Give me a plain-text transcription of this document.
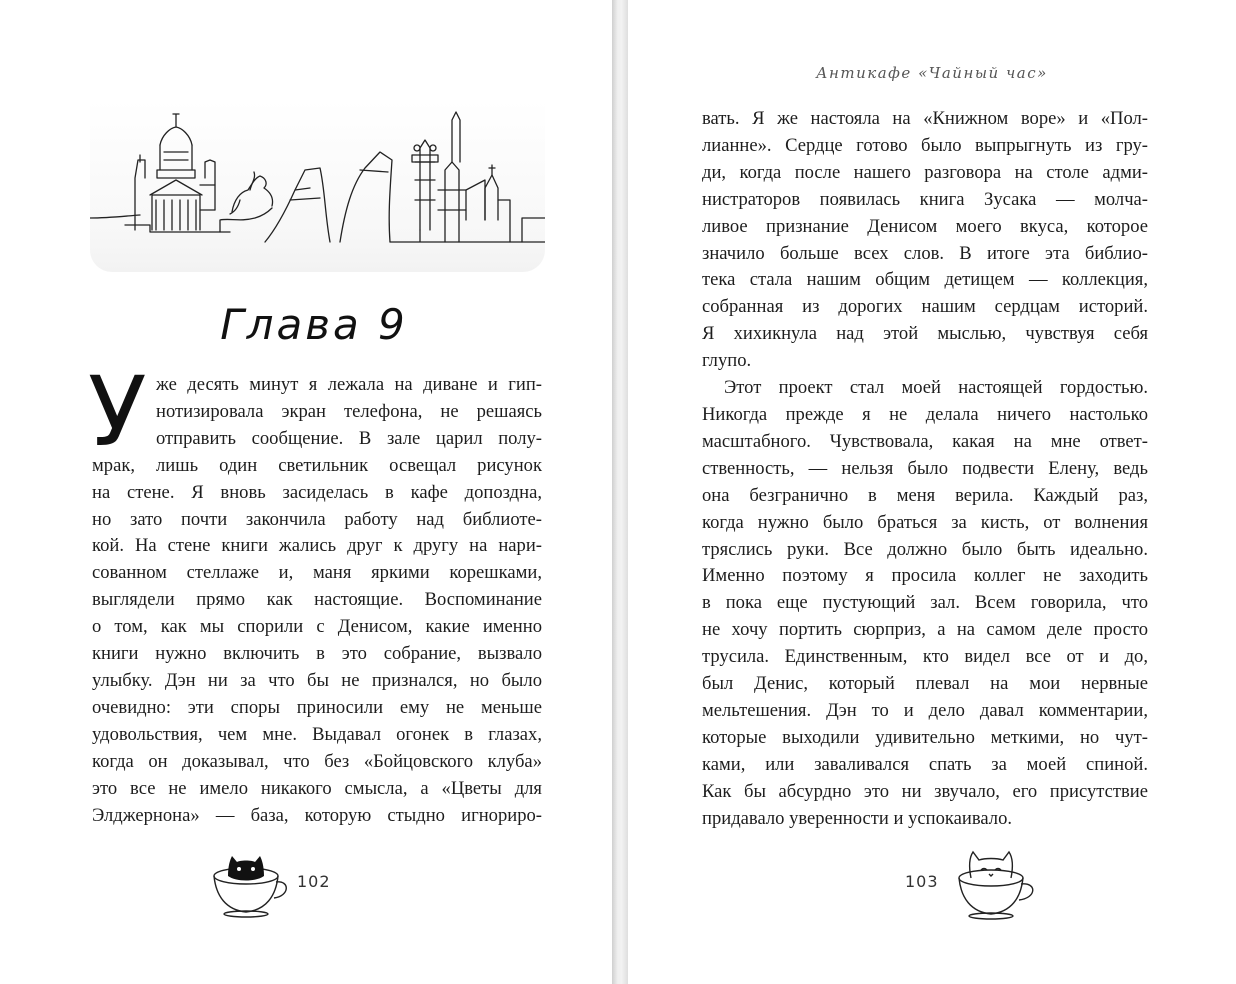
Глава 9
У же десять минут я лежала на диване и гип-
нотизировала экран телефона, не решаясь
отправить сообщение. В зале царил полу-
мрак, лишь один светильник освещал рисунок
на стене. Я вновь засиделась в кафе допоздна,
но зато почти закончила работу над библиоте-
кой. На стене книги жались друг к другу на нари-
сованном стеллаже и, маня яркими корешками,
выглядели прямо как настоящие. Воспоминание
о том, как мы спорили с Денисом, какие именно
книги нужно включить в это собрание, вызвало
улыбку. Дэн ни за что бы не признался, но было
очевидно: эти споры приносили ему не меньше
удовольствия, чем мне. Выдавал огонек в глазах,
когда он доказывал, что без «Бойцовского клуба»
это все не имело никакого смысла, а «Цветы для
Элджернона» — база, которую стыдно игнориро-
102
Антикафе «Чайный час»
вать. Я же настояла на «Книжном воре» и «Пол-
лианне». Сердце готово было выпрыгнуть из гру-
ди, когда после нашего разговора на столе адми-
нистраторов появилась книга Зусака — молча-
ливое признание Денисом моего вкуса, которое
значило больше всех слов. В итоге эта библио-
тека стала нашим общим детищем — коллекция,
собранная из дорогих нашим сердцам историй.
Я хихикнула над этой мыслью, чувствуя себя
глупо.
Этот проект стал моей настоящей гордостью.
Никогда прежде я не делала ничего настолько
масштабного. Чувствовала, какая на мне ответ-
ственность, — нельзя было подвести Елену, ведь
она безгранично в меня верила. Каждый раз,
когда нужно было браться за кисть, от волнения
тряслись руки. Все должно было быть идеально.
Именно поэтому я просила коллег не заходить
в пока еще пустующий зал. Всем говорила, что
не хочу портить сюрприз, а на самом деле просто
трусила. Единственным, кто видел все от и до,
был Денис, который плевал на мои нервные
мельтешения. Дэн то и дело давал комментарии,
которые выходили удивительно меткими, но чут-
ками, или заваливался спать за моей спиной.
Как бы абсурдно это ни звучало, его присутствие
придавало уверенности и успокаивало.
103
